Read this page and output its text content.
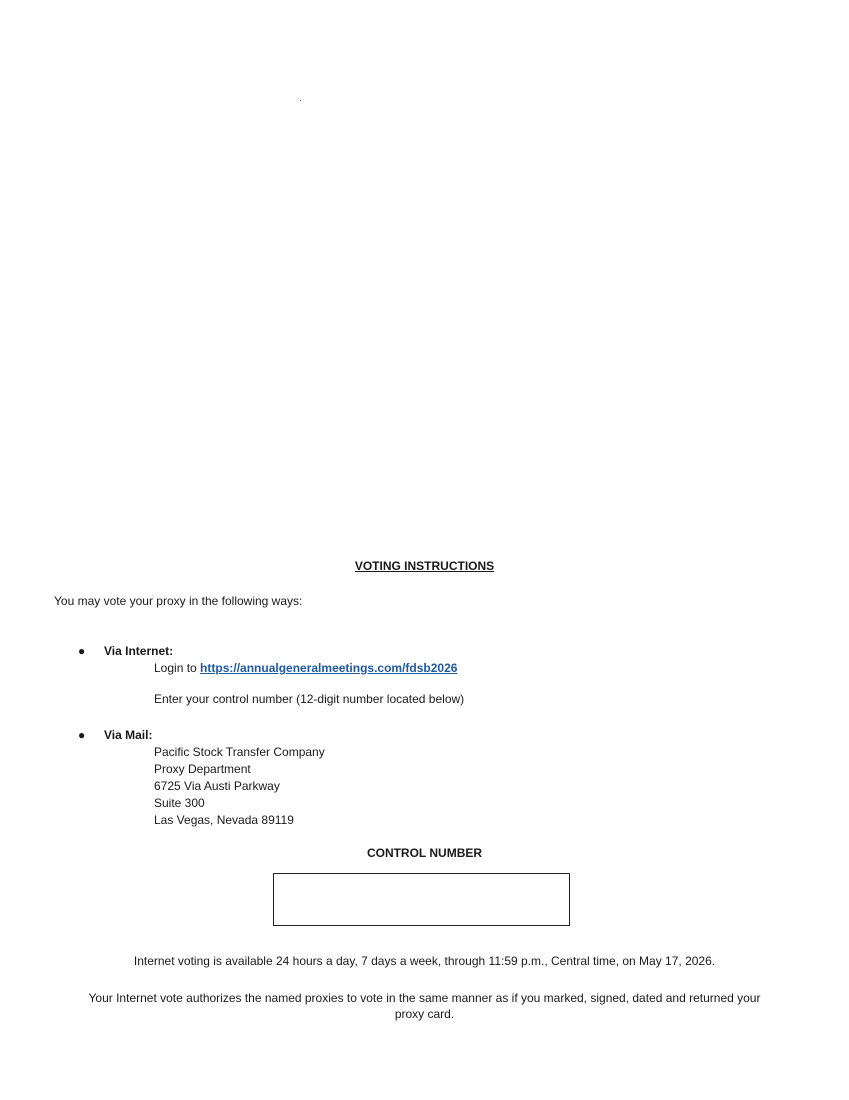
VOTING INSTRUCTIONS
You may vote your proxy in the following ways:
● Via Internet:
Login to https://annualgeneralmeetings.com/fdsb2026
Enter your control number (12-digit number located below)
● Via Mail:
Pacific Stock Transfer Company
Proxy Department
6725 Via Austi Parkway
Suite 300
Las Vegas, Nevada 89119
CONTROL NUMBER
Internet voting is available 24 hours a day, 7 days a week, through 11:59 p.m., Central time, on May 17, 2026.
Your Internet vote authorizes the named proxies to vote in the same manner as if you marked, signed, dated and returned your
proxy card.
